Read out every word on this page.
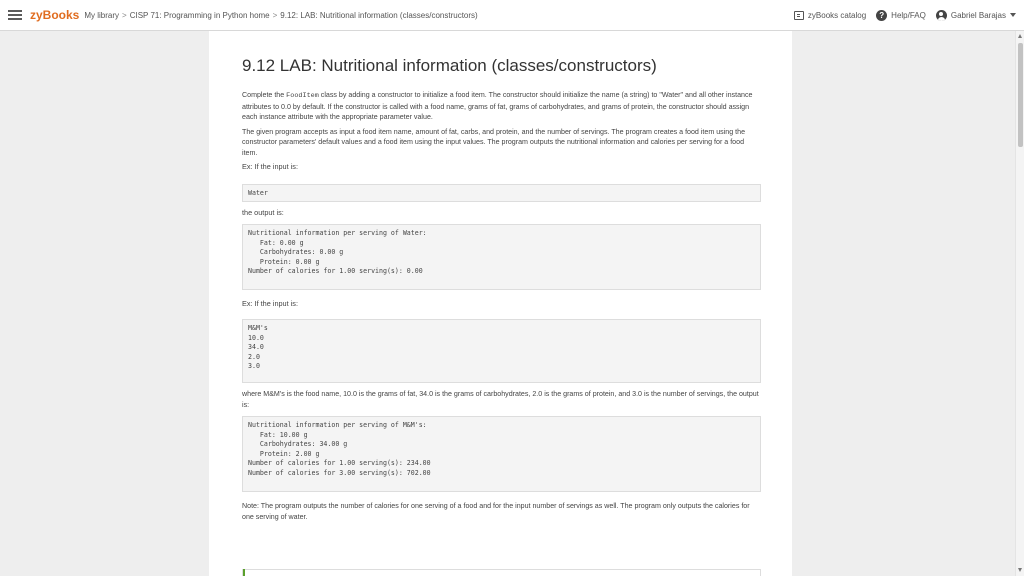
zyBooks My library > CISP 71: Programming in Python home > 9.12: LAB: Nutritional information (classes/constructors)	zyBooks catalog	? Help/FAQ	Gabriel Barajas
9.12 LAB: Nutritional information (classes/constructors)

Complete the FoodItem class by adding a constructor to initialize a food item. The constructor should initialize the name (a string) to "Water" and all other instance attributes to 0.0 by default. If the constructor is called with a food name, grams of fat, grams of carbohydrates, and grams of protein, the constructor should assign each instance attribute with the appropriate parameter value.

The given program accepts as input a food item name, amount of fat, carbs, and protein, and the number of servings. The program creates a food item using the constructor parameters' default values and a food item using the input values. The program outputs the nutritional information and calories per serving for a food item.

Ex: If the input is:

Water

the output is:

Nutritional information per serving of Water:
Fat: 0.00 g
Carbohydrates: 0.00 g
Protein: 0.00 g
Number of calories for 1.00 serving(s): 0.00

Ex: If the input is:

M&M's
10.0
34.0
2.0
3.0

where M&M's is the food name, 10.0 is the grams of fat, 34.0 is the grams of carbohydrates, 2.0 is the grams of protein, and 3.0 is the number of servings, the output is:

Nutritional information per serving of M&M's:
Fat: 10.00 g
Carbohydrates: 34.00 g
Protein: 2.00 g
Number of calories for 1.00 serving(s): 234.00
Number of calories for 3.00 serving(s): 702.00

Note: The program outputs the number of calories for one serving of a food and for the input number of servings as well. The program only outputs the calories for one serving of water.
